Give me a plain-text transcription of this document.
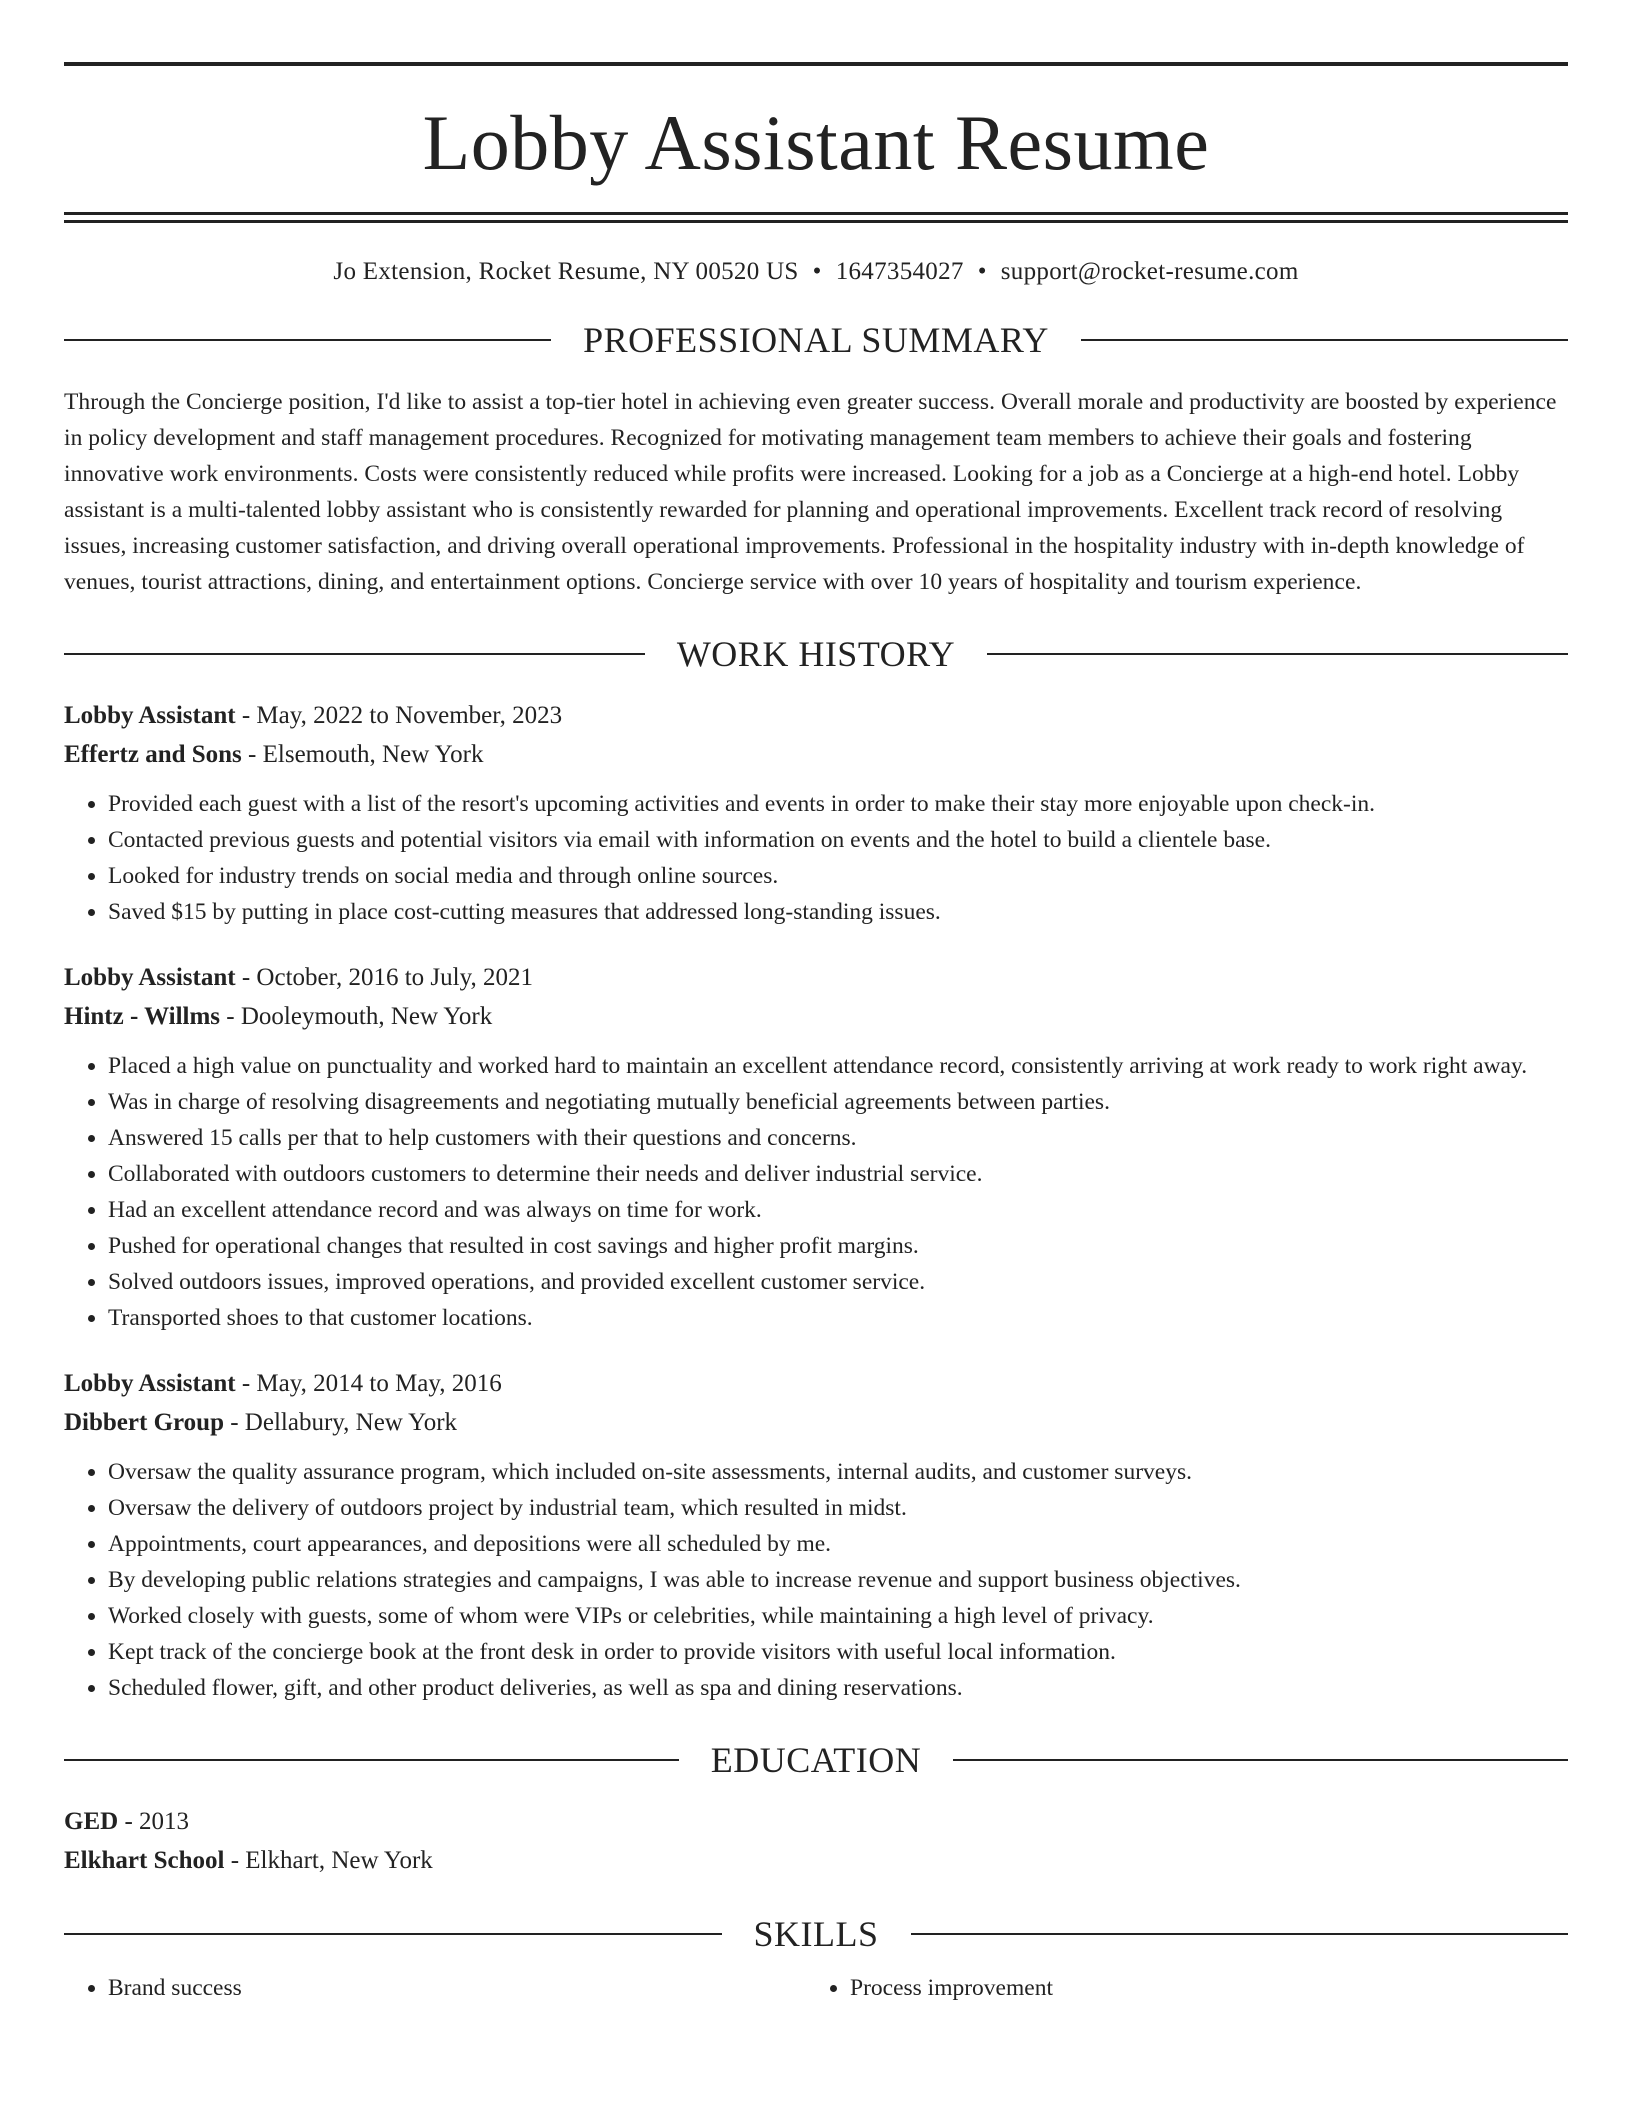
Lobby Assistant Resume
Jo Extension, Rocket Resume, NY 00520 US • 1647354027 • support@rocket-resume.com
PROFESSIONAL SUMMARY
Through the Concierge position, I'd like to assist a top-tier hotel in achieving even greater success. Overall morale and productivity are boosted by experience in policy development and staff management procedures. Recognized for motivating management team members to achieve their goals and fostering innovative work environments. Costs were consistently reduced while profits were increased. Looking for a job as a Concierge at a high-end hotel. Lobby assistant is a multi-talented lobby assistant who is consistently rewarded for planning and operational improvements. Excellent track record of resolving issues, increasing customer satisfaction, and driving overall operational improvements. Professional in the hospitality industry with in-depth knowledge of venues, tourist attractions, dining, and entertainment options. Concierge service with over 10 years of hospitality and tourism experience.
WORK HISTORY
Lobby Assistant - May, 2022 to November, 2023
Effertz and Sons - Elsemouth, New York
• Provided each guest with a list of the resort's upcoming activities and events in order to make their stay more enjoyable upon check-in.
• Contacted previous guests and potential visitors via email with information on events and the hotel to build a clientele base.
• Looked for industry trends on social media and through online sources.
• Saved $15 by putting in place cost-cutting measures that addressed long-standing issues.
Lobby Assistant - October, 2016 to July, 2021
Hintz - Willms - Dooleymouth, New York
• Placed a high value on punctuality and worked hard to maintain an excellent attendance record, consistently arriving at work ready to work right away.
• Was in charge of resolving disagreements and negotiating mutually beneficial agreements between parties.
• Answered 15 calls per that to help customers with their questions and concerns.
• Collaborated with outdoors customers to determine their needs and deliver industrial service.
• Had an excellent attendance record and was always on time for work.
• Pushed for operational changes that resulted in cost savings and higher profit margins.
• Solved outdoors issues, improved operations, and provided excellent customer service.
• Transported shoes to that customer locations.
Lobby Assistant - May, 2014 to May, 2016
Dibbert Group - Dellabury, New York
• Oversaw the quality assurance program, which included on-site assessments, internal audits, and customer surveys.
• Oversaw the delivery of outdoors project by industrial team, which resulted in midst.
• Appointments, court appearances, and depositions were all scheduled by me.
• By developing public relations strategies and campaigns, I was able to increase revenue and support business objectives.
• Worked closely with guests, some of whom were VIPs or celebrities, while maintaining a high level of privacy.
• Kept track of the concierge book at the front desk in order to provide visitors with useful local information.
• Scheduled flower, gift, and other product deliveries, as well as spa and dining reservations.
EDUCATION
GED - 2013
Elkhart School - Elkhart, New York
SKILLS
• Brand success
•	Process improvement
